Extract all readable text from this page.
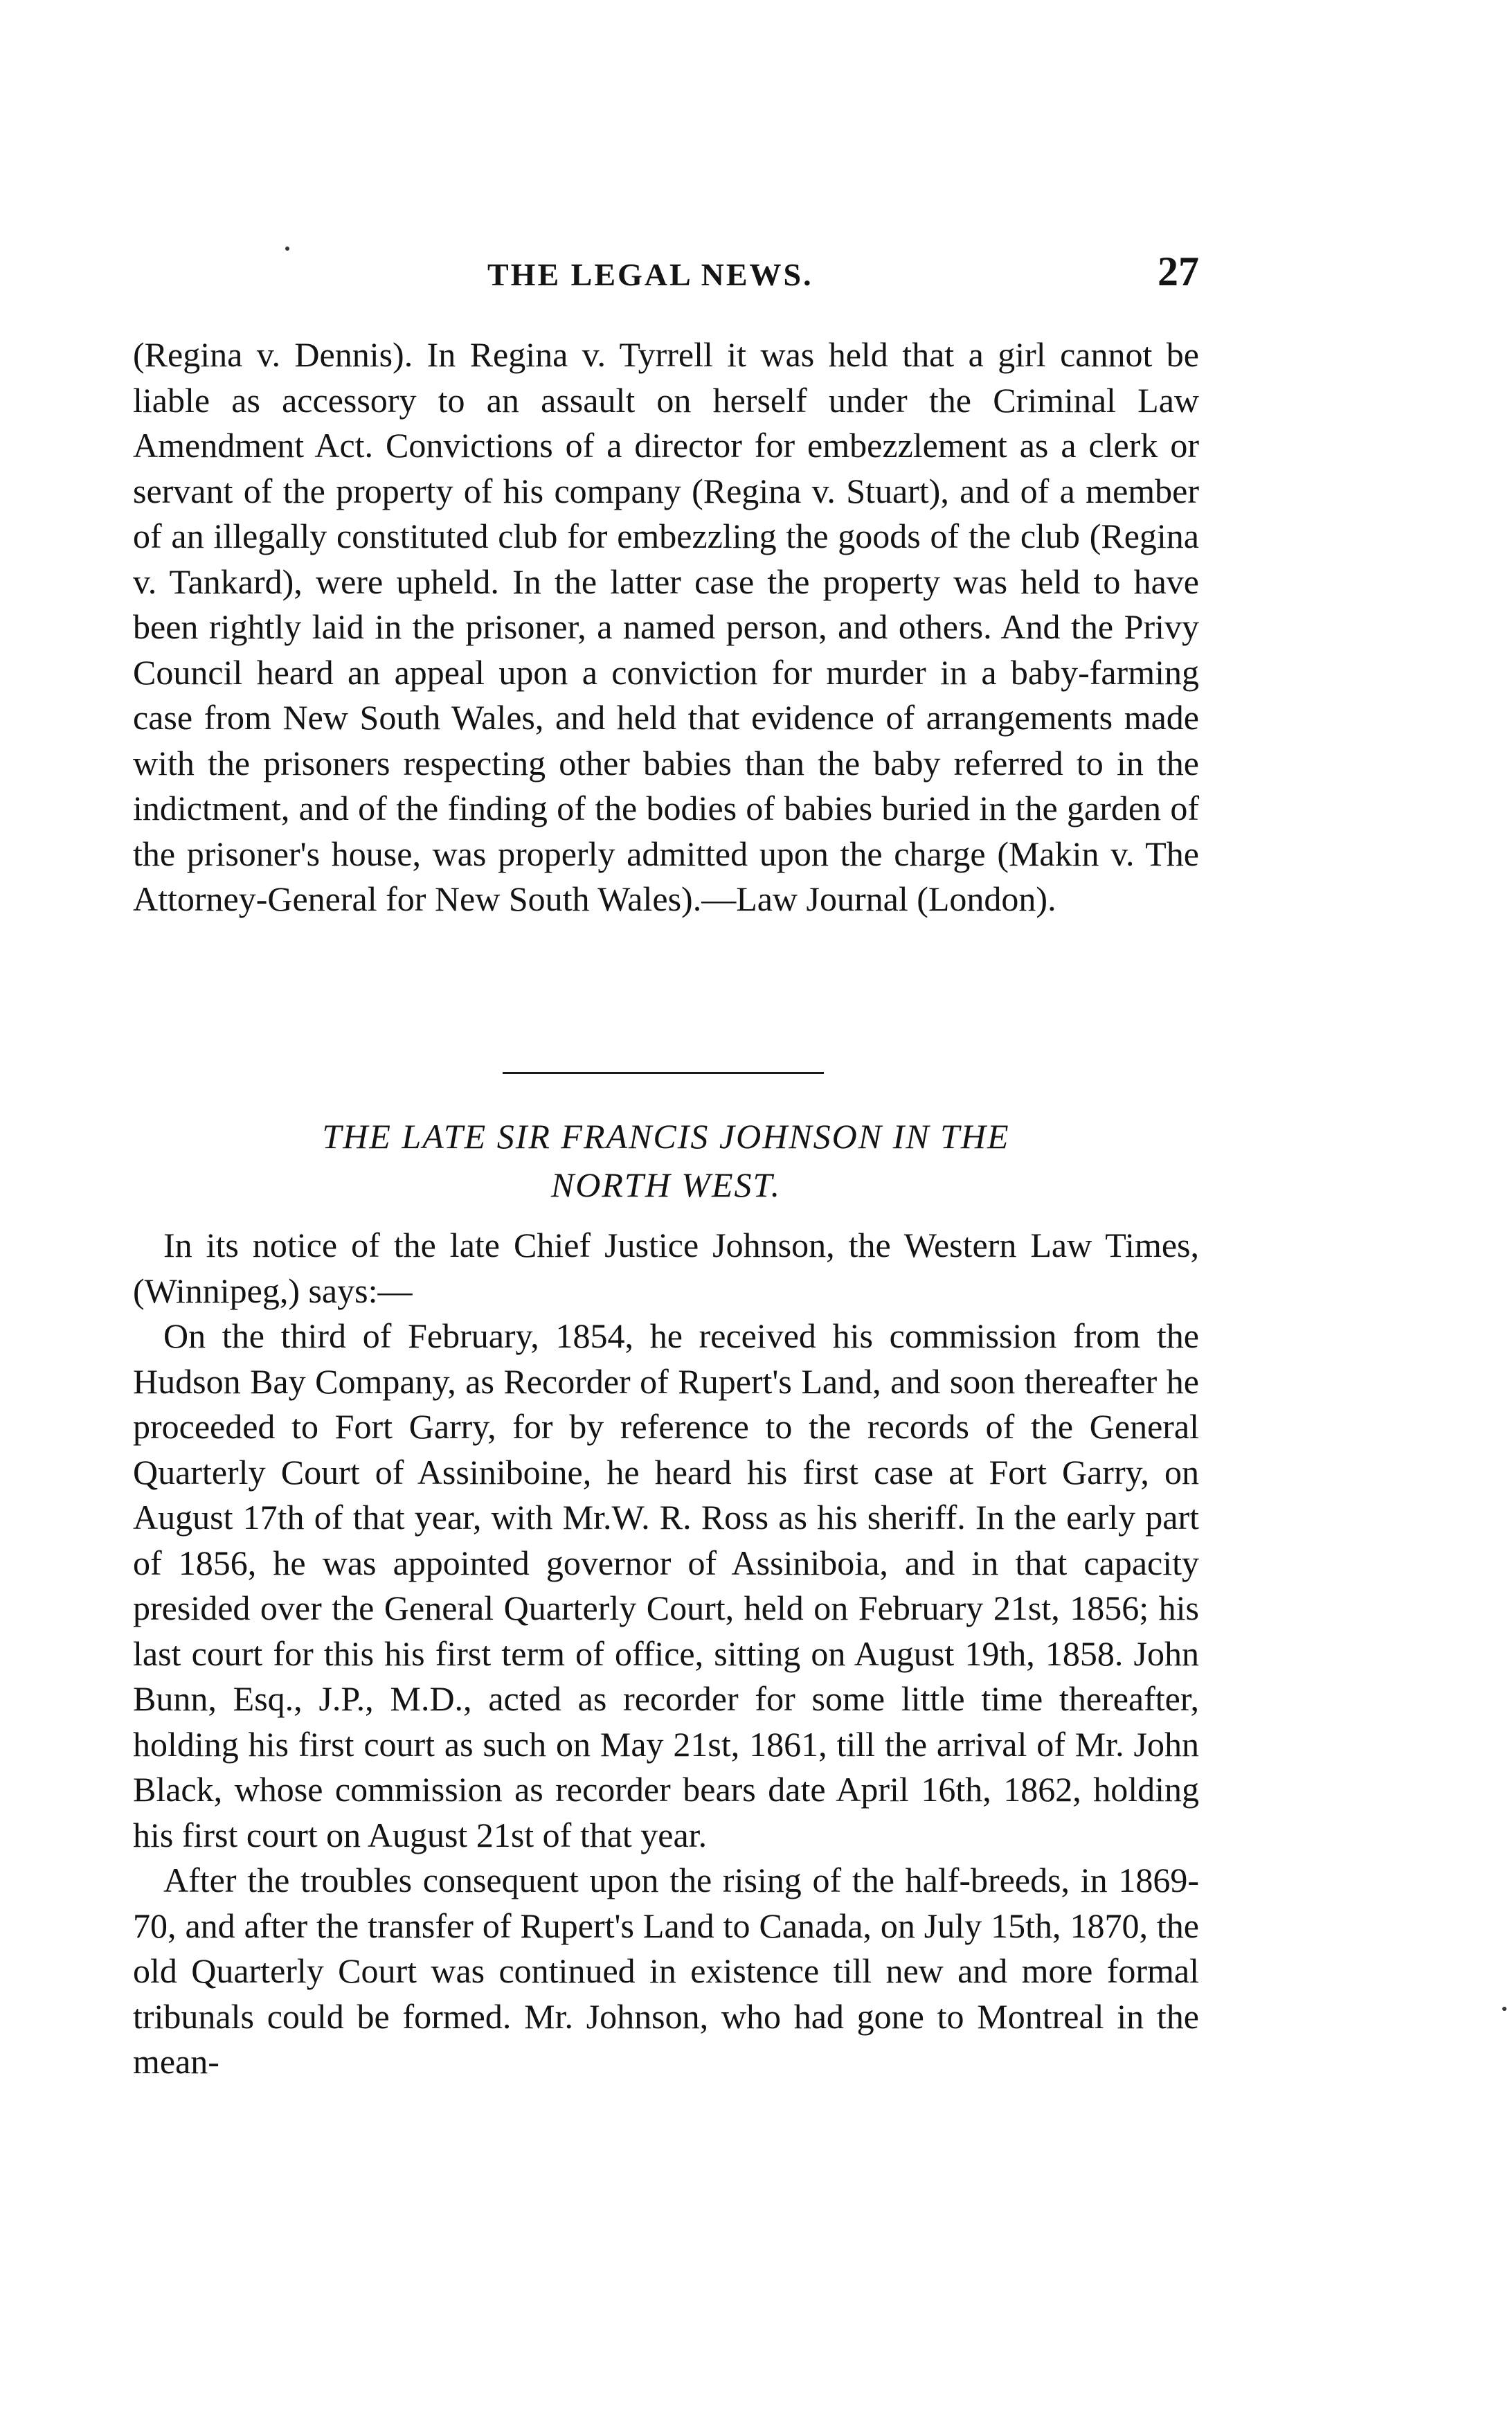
THE LEGAL NEWS.	27

(Regina v. Dennis). In Regina v. Tyrrell it was held that a girl cannot be liable as accessory to an assault on herself under the Criminal Law Amendment Act. Convictions of a director for embezzlement as a clerk or servant of the property of his company (Regina v. Stuart), and of a member of an illegally constituted club for embezzling the goods of the club (Regina v. Tankard), were upheld. In the latter case the property was held to have been rightly laid in the prisoner, a named person, and others. And the Privy Council heard an appeal upon a conviction for murder in a baby-farming case from New South Wales, and held that evidence of arrangements made with the prisoners respecting other babies than the baby referred to in the indictment, and of the finding of the bodies of babies buried in the garden of the prisoner's house, was properly admitted upon the charge (Makin v. The Attorney-General for New South Wales).—Law Journal (London).

THE LATE SIR FRANCIS JOHNSON IN THE
NORTH WEST.

In its notice of the late Chief Justice Johnson, the Western Law Times, (Winnipeg,) says:—

On the third of February, 1854, he received his commission from the Hudson Bay Company, as Recorder of Rupert's Land, and soon thereafter he proceeded to Fort Garry, for by reference to the records of the General Quarterly Court of Assiniboine, he heard his first case at Fort Garry, on August 17th of that year, with Mr.W. R. Ross as his sheriff. In the early part of 1856, he was appointed governor of Assiniboia, and in that capacity presided over the General Quarterly Court, held on February 21st, 1856; his last court for this his first term of office, sitting on August 19th, 1858. John Bunn, Esq., J.P., M.D., acted as recorder for some little time thereafter, holding his first court as such on May 21st, 1861, till the arrival of Mr. John Black, whose commission as recorder bears date April 16th, 1862, holding his first court on August 21st of that year.

After the troubles consequent upon the rising of the half-breeds, in 1869-70, and after the transfer of Rupert's Land to Canada, on July 15th, 1870, the old Quarterly Court was continued in existence till new and more formal tribunals could be formed. Mr. Johnson, who had gone to Montreal in the mean-
